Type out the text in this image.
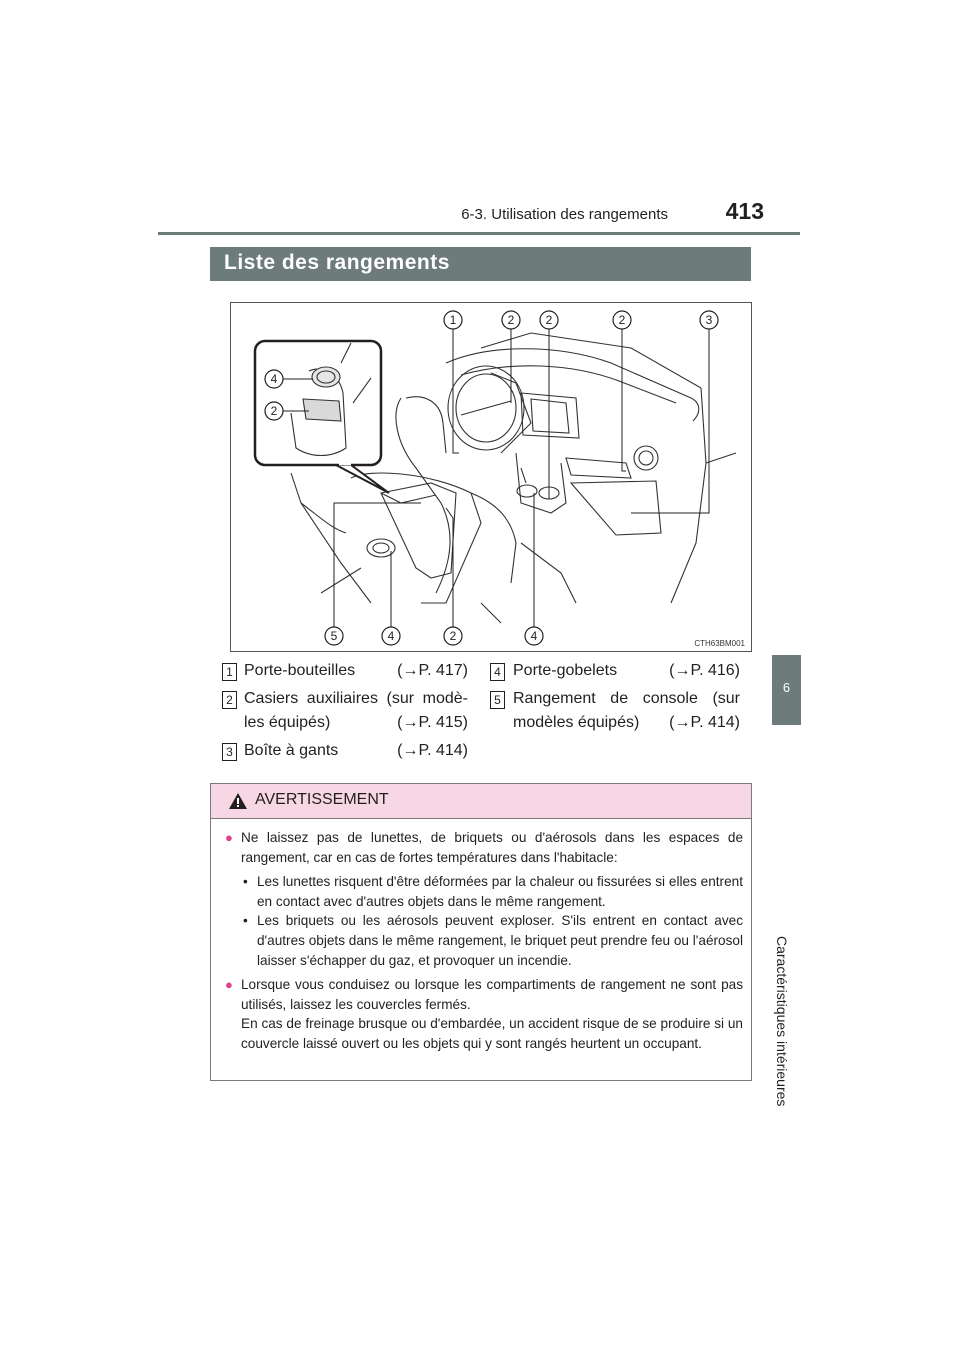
6-3. Utilisation des rangements	413
6
Caractéristiques intérieures
Liste des rangements
1	2	2	2	3
5	4	2	4
4
2
CTH63BM001
1 Porte-bouteilles	(→P. 417)
2 Casiers auxiliaires (sur modè-
les équipés)	(→P. 415)
3 Boîte à gants	(→P. 414)
4 Porte-gobelets	(→P. 416)
5 Rangement de console (sur
modèles équipés)	(→P. 414)
AVERTISSEMENT
● Ne laissez pas de lunettes, de briquets ou d'aérosols dans les espaces de rangement, car en cas de fortes températures dans l'habitacle:
• Les lunettes risquent d'être déformées par la chaleur ou fissurées si elles entrent en contact avec d'autres objets dans le même rangement.
• Les briquets ou les aérosols peuvent exploser. S'ils entrent en contact avec d'autres objets dans le même rangement, le briquet peut prendre feu ou l'aérosol laisser s'échapper du gaz, et provoquer un incendie.
● Lorsque vous conduisez ou lorsque les compartiments de rangement ne sont pas utilisés, laissez les couvercles fermés.
En cas de freinage brusque ou d'embardée, un accident risque de se produire si un couvercle laissé ouvert ou les objets qui y sont rangés heurtent un occupant.
